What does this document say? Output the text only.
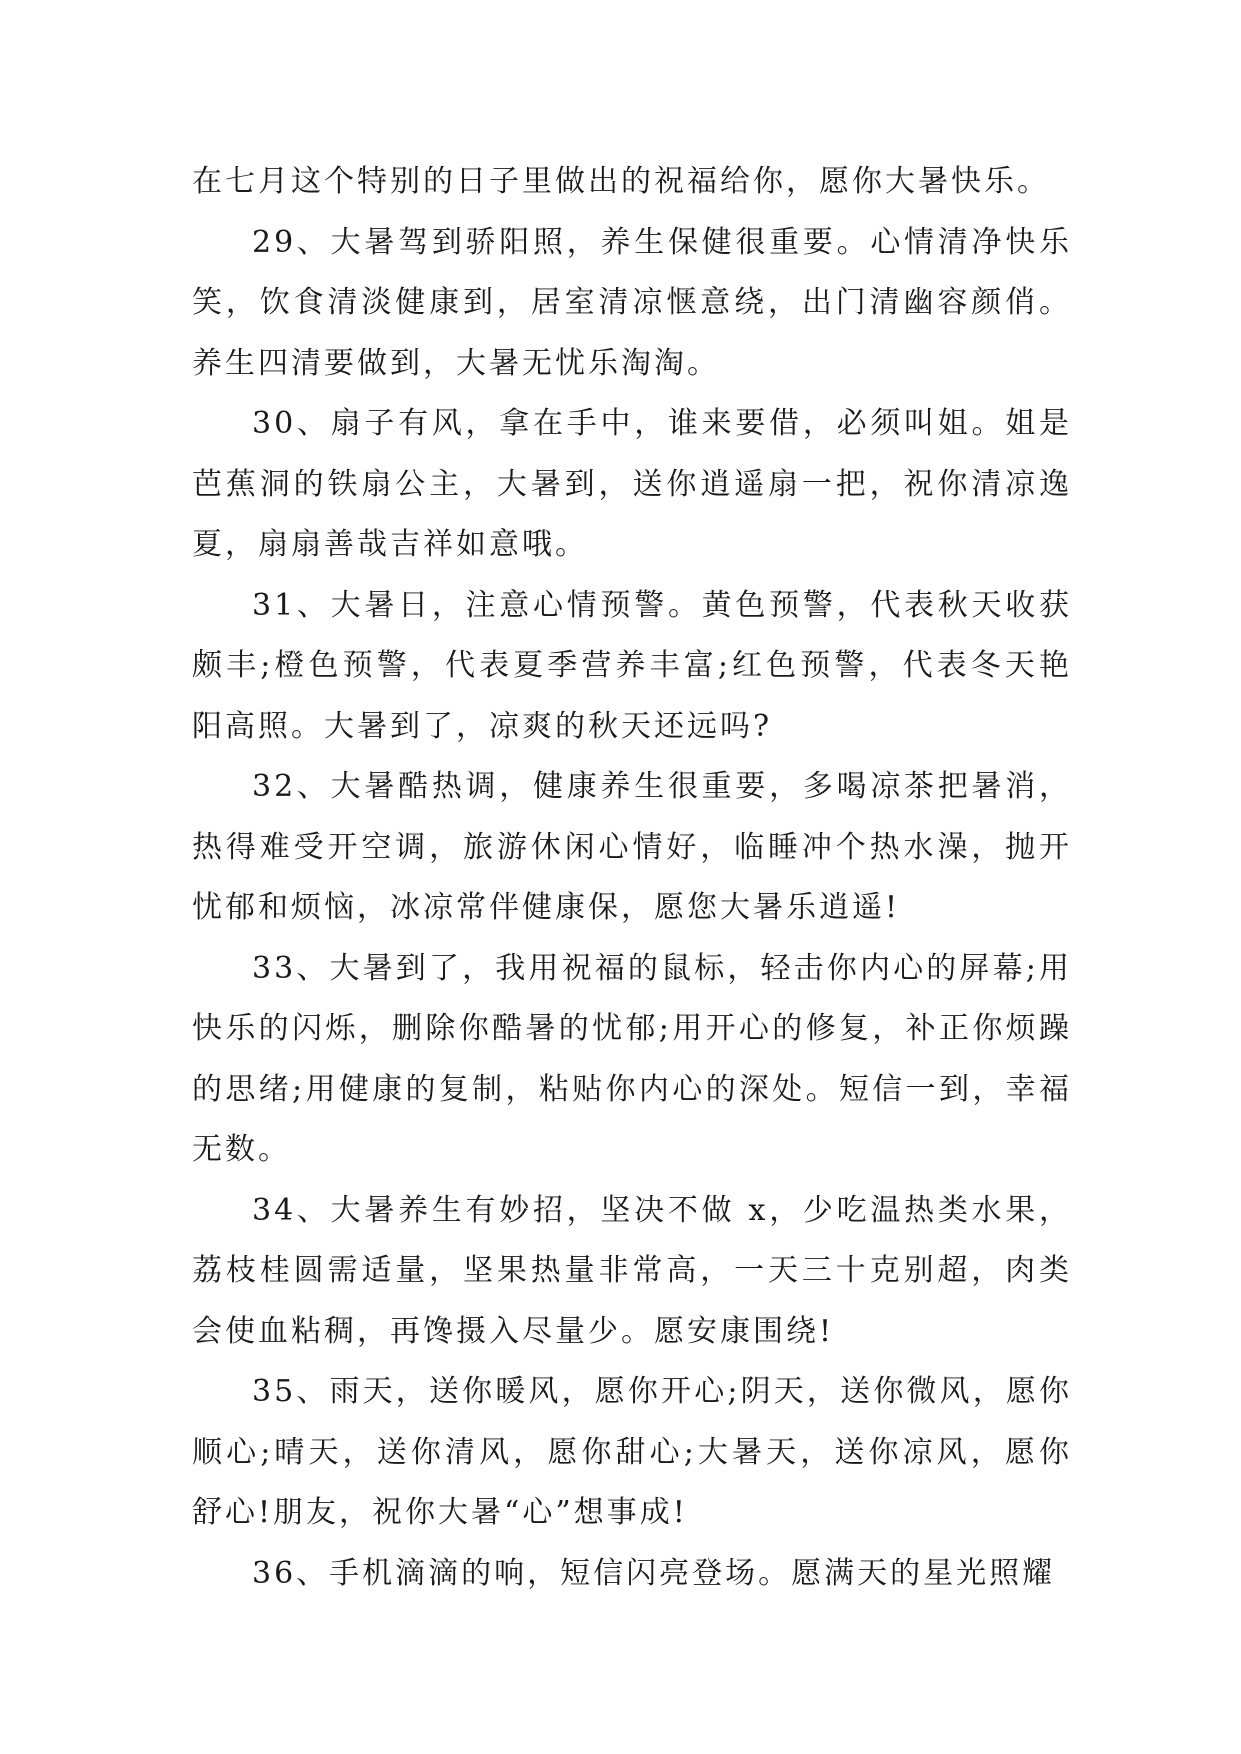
在七月这个特别的日子里做出的祝福给你，愿你大暑快乐。

29、大暑驾到骄阳照，养生保健很重要。心情清净快乐笑，饮食清淡健康到，居室清凉惬意绕，出门清幽容颜俏。养生四清要做到，大暑无忧乐淘淘。

30、扇子有风，拿在手中，谁来要借，必须叫姐。姐是芭蕉洞的铁扇公主，大暑到，送你逍遥扇一把，祝你清凉逸夏，扇扇善哉吉祥如意哦。

31、大暑日，注意心情预警。黄色预警，代表秋天收获颇丰;橙色预警，代表夏季营养丰富;红色预警，代表冬天艳阳高照。大暑到了，凉爽的秋天还远吗?

32、大暑酷热调，健康养生很重要，多喝凉茶把暑消，热得难受开空调，旅游休闲心情好，临睡冲个热水澡，抛开忧郁和烦恼，冰凉常伴健康保，愿您大暑乐逍遥!

33、大暑到了，我用祝福的鼠标，轻击你内心的屏幕;用快乐的闪烁，删除你酷暑的忧郁;用开心的修复，补正你烦躁的思绪;用健康的复制，粘贴你内心的深处。短信一到，幸福无数。

34、大暑养生有妙招，坚决不做 x，少吃温热类水果，荔枝桂圆需适量，坚果热量非常高，一天三十克别超，肉类会使血粘稠，再馋摄入尽量少。愿安康围绕!

35、雨天，送你暖风，愿你开心;阴天，送你微风，愿你顺心;晴天，送你清风，愿你甜心;大暑天，送你凉风，愿你舒心!朋友，祝你大暑“心”想事成!

36、手机滴滴的响，短信闪亮登场。愿满天的星光照耀
